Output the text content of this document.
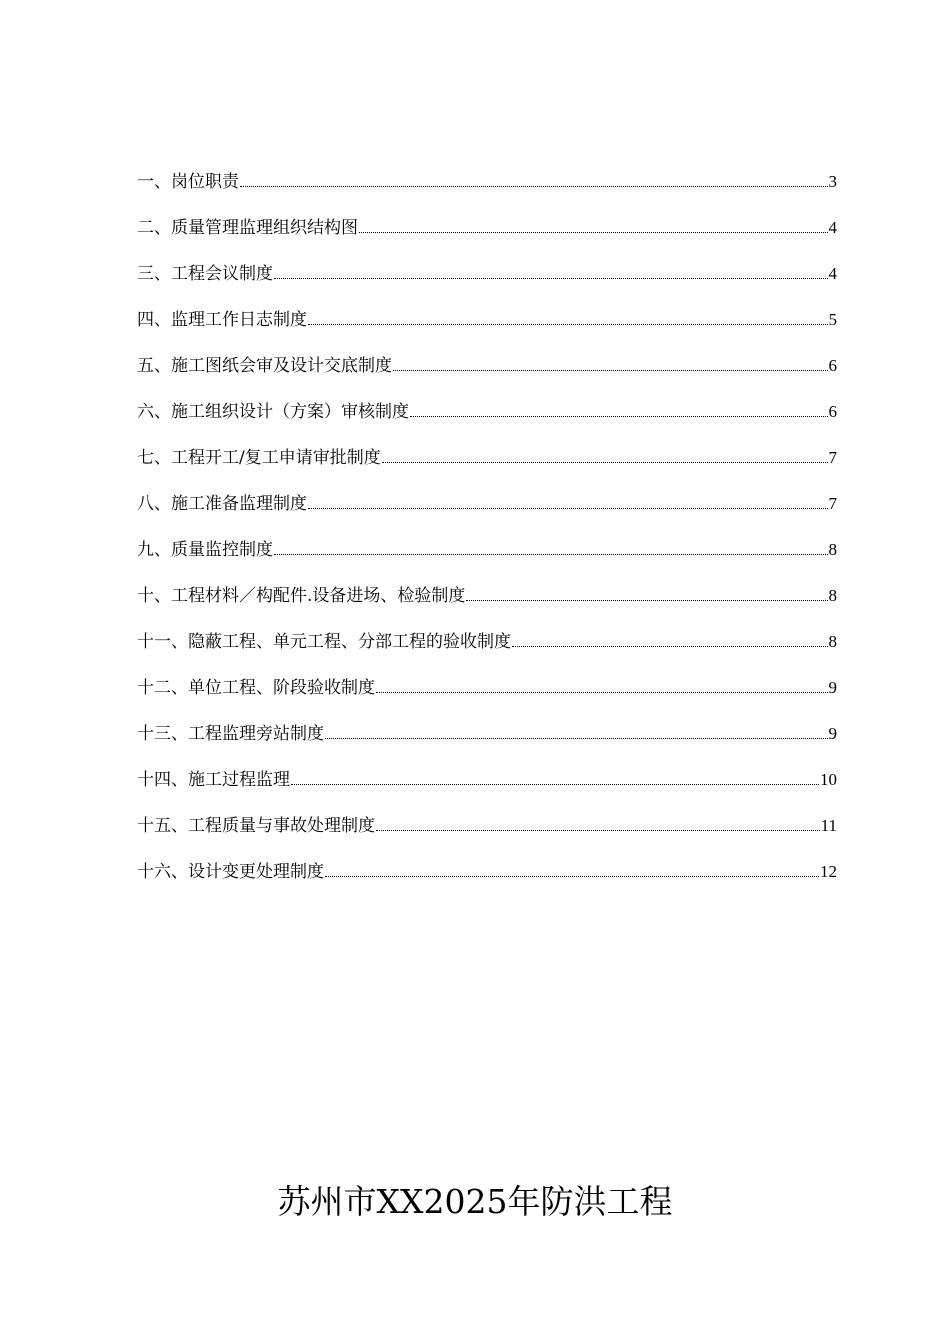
一、岗位职责	3
二、质量管理监理组织结构图	4
三、工程会议制度	4
四、监理工作日志制度	5
五、施工图纸会审及设计交底制度	6
六、施工组织设计（方案）审核制度	6
七、工程开工/复工申请审批制度	7
八、施工准备监理制度	7
九、质量监控制度	8
十、工程材料／构配件.设备进场、检验制度	8
十一、隐蔽工程、单元工程、分部工程的验收制度	8
十二、单位工程、阶段验收制度	9
十三、工程监理旁站制度	9
十四、施工过程监理	10
十五、工程质量与事故处理制度	11
十六、设计变更处理制度	12
苏州市XX2025年防洪工程
